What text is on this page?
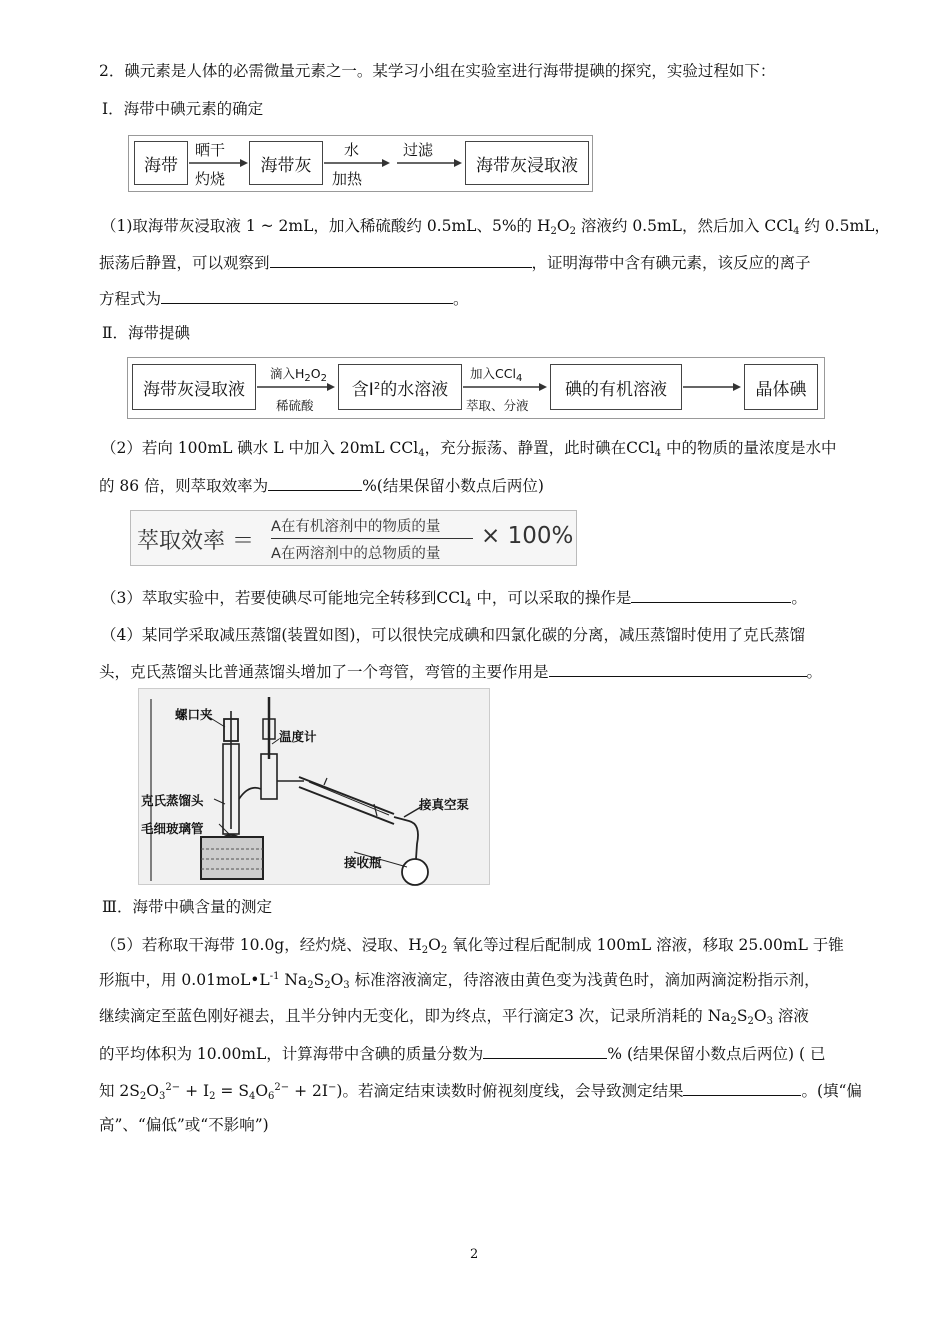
2．碘元素是人体的必需微量元素之一。某学习小组在实验室进行海带提碘的探究，实验过程如下：
Ⅰ．海带中碘元素的确定
海带	海带灰	海带灰浸取液
晒干
灼烧
水
加热
过滤
（1)取海带灰浸取液 1 ~ 2mL，加入稀硫酸约 0.5mL、5%的 $H_2O_2$ 溶液约 0.5mL，然后加入 CCl$_4$ 约 0.5mL，
振荡后静置，可以观察到	，证明海带中含有碘元素，该反应的离子
方程式为	。
Ⅱ．海带提碘
海带灰浸取液	含I 2 的水溶液	碘的有机溶液	晶体碘
滴入$H_2O_2$
稀硫酸
加入CCl$_4$
萃取、分液
（2）若向 100mL 碘水 L 中加入 20mL CCl$_4$，充分振荡、静置，此时碘在CCl$_4$ 中的物质的量浓度是水中
的 86 倍，则萃取效率为	%(结果保留小数点后两位)
萃取效率 ＝
A在有机溶剂中的物质的量
A在两溶剂中的总物质的量
× 100%
（3）萃取实验中，若要使碘尽可能地完全转移到CCl$_4$ 中，可以采取的操作是	。
（4）某同学采取减压蒸馏(装置如图)，可以很快完成碘和四氯化碳的分离，减压蒸馏时使用了克氏蒸馏
头，克氏蒸馏头比普通蒸馏头增加了一个弯管，弯管的主要作用是	。
螺口夹
温度计
克氏蒸馏头
毛细玻璃管
接真空泵
接收瓶
Ⅲ．海带中碘含量的测定
（5）若称取干海带 10.0g，经灼烧、浸取、$H_2O_2$ 氧化等过程后配制成 100mL 溶液，移取 25.00mL 于锥
形瓶中，用 $0.01moL•L^{-1}$ $Na_2S_2O_3$ 标准溶液滴定，待溶液由黄色变为浅黄色时，滴加两滴淀粉指示剂，
继续滴定至蓝色刚好褪去，且半分钟内无变化，即为终点，平行滴定3 次，记录所消耗的 $Na_2S_2O_3$ 溶液
的平均体积为 10.00mL，计算海带中含碘的质量分数为	% (结果保留小数点后两位) ( 已
知 $2S_2O_3^{2-} + I_2 = S_4O_6^{2-} + 2I^-$)。若滴定结束读数时俯视刻度线，会导致测定结果	。(填“偏
高”、“偏低”或“不影响”)
2
